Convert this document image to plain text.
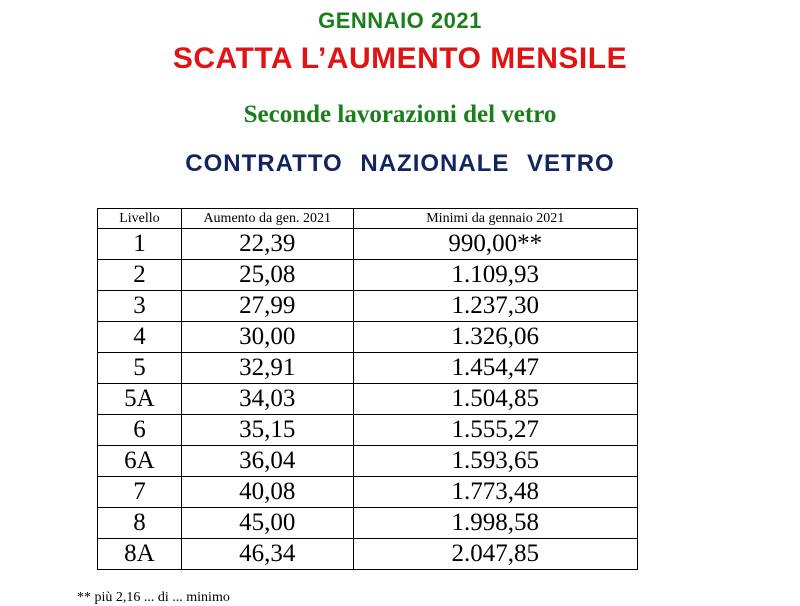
GENNAIO 2021
SCATTA L’AUMENTO MENSILE
Seconde lavorazioni del vetro
CONTRATTO NAZIONALE VETRO
Livello	Aumento da gen. 2021	Minimi da gennaio 2021
1	22,39	990,00**
2	25,08	1.109,93
3	27,99	1.237,30
4	30,00	1.326,06
5	32,91	1.454,47
5A	34,03	1.504,85
6	35,15	1.555,27
6A	36,04	1.593,65
7	40,08	1.773,48
8	45,00	1.998,58
8A	46,34	2.047,85
** più 2,16 ... di ... minimo
